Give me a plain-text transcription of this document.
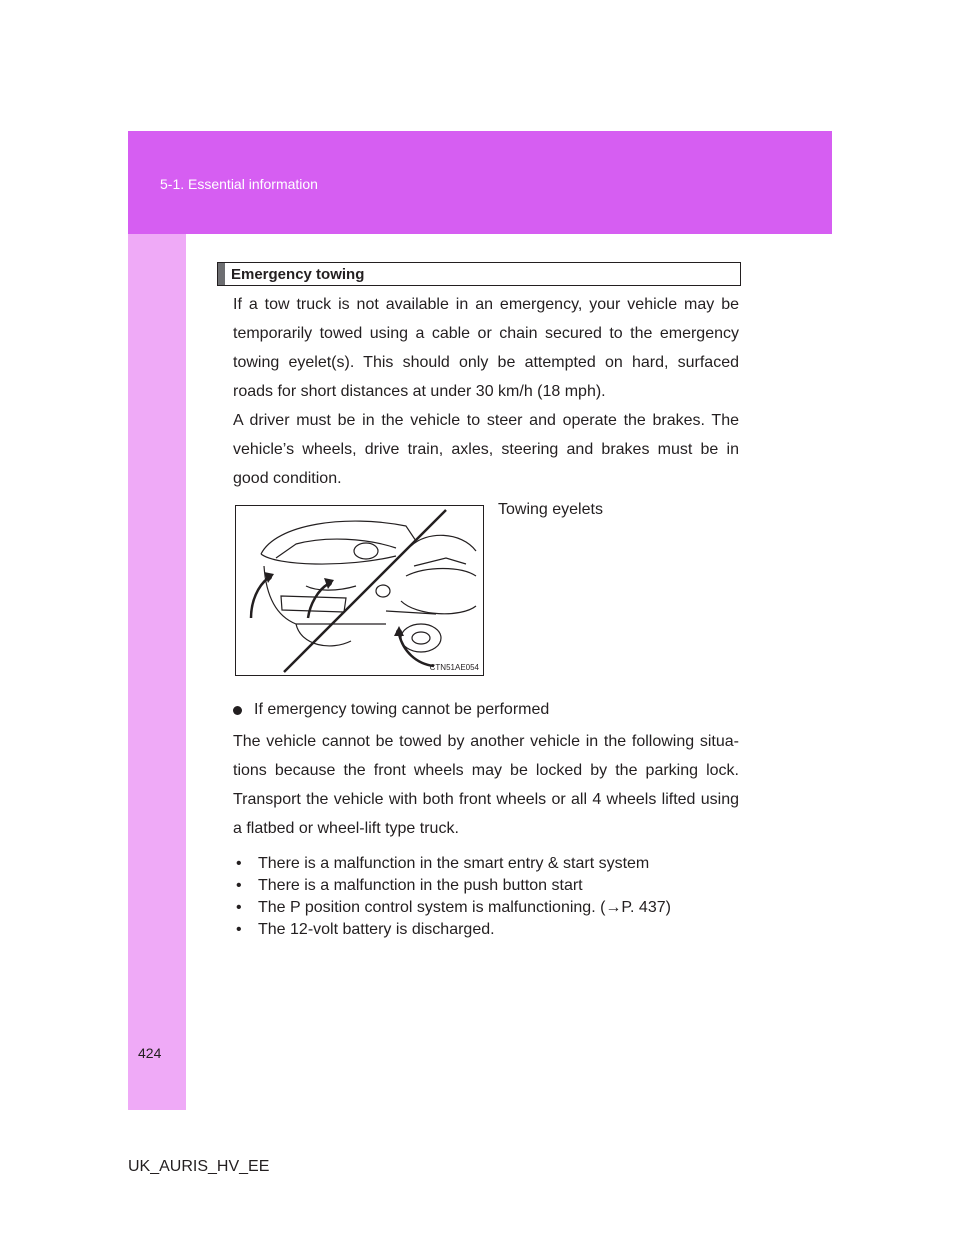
5-1. Essential information
424
UK_AURIS_HV_EE
Emergency towing

If a tow truck is not available in an emergency, your vehicle may be temporarily towed using a cable or chain secured to the emergency towing eyelet(s). This should only be attempted on hard, surfaced roads for short distances at under 30 km/h (18 mph).

A driver must be in the vehicle to steer and operate the brakes. The vehicle’s wheels, drive train, axles, steering and brakes must be in good condition.

CTN51AE054
Towing eyelets
If emergency towing cannot be performed

The vehicle cannot be towed by another vehicle in the following situa-tions because the front wheels may be locked by the parking lock. Transport the vehicle with both front wheels or all 4 wheels lifted using a flatbed or wheel-lift type truck.

•	There is a malfunction in the smart entry & start system
•	There is a malfunction in the push button start
•	The P position control system is malfunctioning. (→P. 437)
•	The 12-volt battery is discharged.
